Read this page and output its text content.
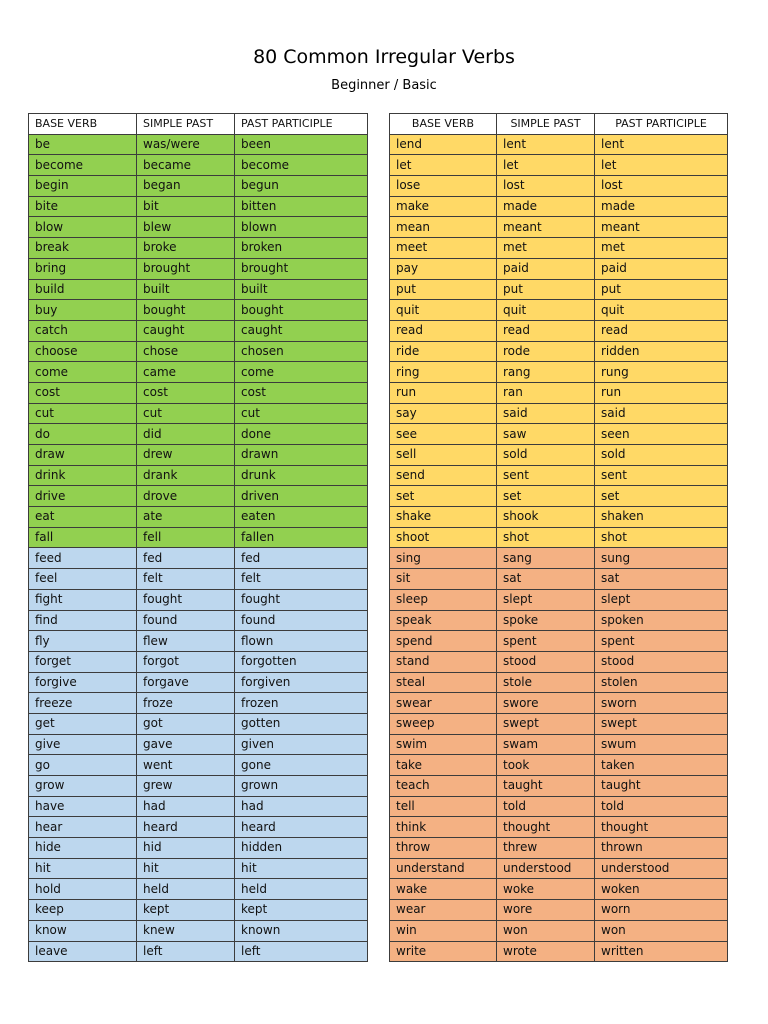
80 Common Irregular Verbs
Beginner / Basic
BASE VERB	SIMPLE PAST	PAST PARTICIPLE
be	was/were	been
become	became	become
begin	began	begun
bite	bit	bitten
blow	blew	blown
break	broke	broken
bring	brought	brought
build	built	built
buy	bought	bought
catch	caught	caught
choose	chose	chosen
come	came	come
cost	cost	cost
cut	cut	cut
do	did	done
draw	drew	drawn
drink	drank	drunk
drive	drove	driven
eat	ate	eaten
fall	fell	fallen
feed	fed	fed
feel	felt	felt
fight	fought	fought
find	found	found
fly	flew	flown
forget	forgot	forgotten
forgive	forgave	forgiven
freeze	froze	frozen
get	got	gotten
give	gave	given
go	went	gone
grow	grew	grown
have	had	had
hear	heard	heard
hide	hid	hidden
hit	hit	hit
hold	held	held
keep	kept	kept
know	knew	known
leave	left	left
BASE VERB	SIMPLE PAST	PAST PARTICIPLE
lend	lent	lent
let	let	let
lose	lost	lost
make	made	made
mean	meant	meant
meet	met	met
pay	paid	paid
put	put	put
quit	quit	quit
read	read	read
ride	rode	ridden
ring	rang	rung
run	ran	run
say	said	said
see	saw	seen
sell	sold	sold
send	sent	sent
set	set	set
shake	shook	shaken
shoot	shot	shot
sing	sang	sung
sit	sat	sat
sleep	slept	slept
speak	spoke	spoken
spend	spent	spent
stand	stood	stood
steal	stole	stolen
swear	swore	sworn
sweep	swept	swept
swim	swam	swum
take	took	taken
teach	taught	taught
tell	told	told
think	thought	thought
throw	threw	thrown
understand	understood	understood
wake	woke	woken
wear	wore	worn
win	won	won
write	wrote	written
